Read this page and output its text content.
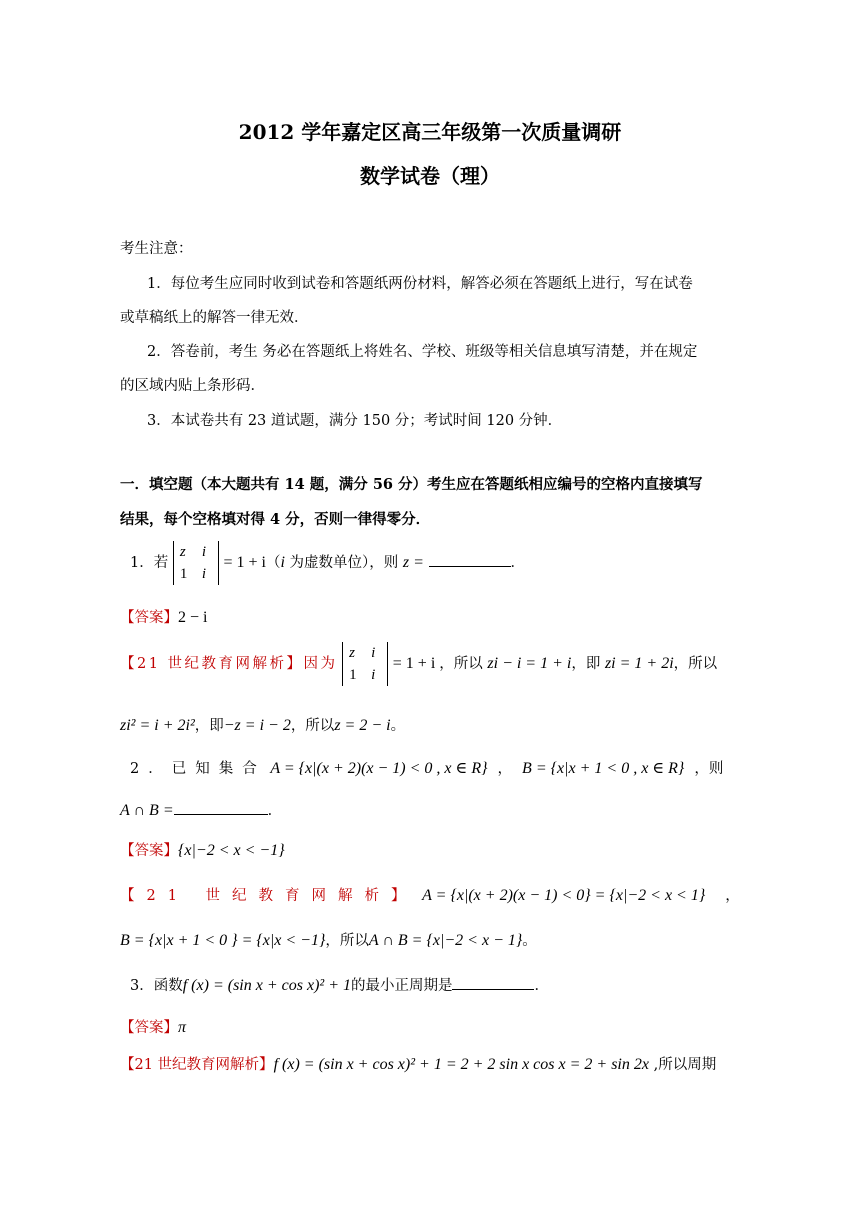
2012 学年嘉定区高三年级第一次质量调研
数学试卷（理）
考生注意：
1．每位考生应同时收到试卷和答题纸两份材料，解答必须在答题纸上进行，写在试卷
或草稿纸上的解答一律无效．
2．答卷前，考生 务必在答题纸上将姓名、学校、班级等相关信息填写清楚，并在规定
的区域内贴上条形码．
3．本试卷共有 23 道试题，满分 150 分；考试时间 120 分钟．
一．填空题（本大题共有 14 题，满分 56 分）考生应在答题纸相应编号的空格内直接填写
结果，每个空格填对得 4 分，否则一律得零分．
1．若
z i
1 i
= 1 + i（i 为虚数单位），则 z =	．
【答案】2 − i
【21 世纪教育网解析】因为
z i
1 i
= 1 + i ，所以 zi − i = 1 + i，即 zi = 1 + 2i，所以
zi² = i + 2i²，即−z = i − 2，所以z = 2 − i。
2．已知集合 A = {x|(x + 2)(x − 1) < 0 , x ∈ R} ， B = {x|x + 1 < 0 , x ∈ R} ，则
A ∩ B =	．
【答案】{x|−2 < x < −1}
【21 世纪教育网解析】 A = {x|(x + 2)(x − 1) < 0} = {x|−2 < x < 1} ，
B = {x|x + 1 < 0 } = {x|x < −1}，所以A ∩ B = {x|−2 < x − 1}。
3．函数f (x) = (sin x + cos x)² + 1的最小正周期是	．
【答案】π
【21 世纪教育网解析】f (x) = (sin x + cos x)² + 1 = 2 + 2 sin x cos x = 2 + sin 2x ,所以周期
